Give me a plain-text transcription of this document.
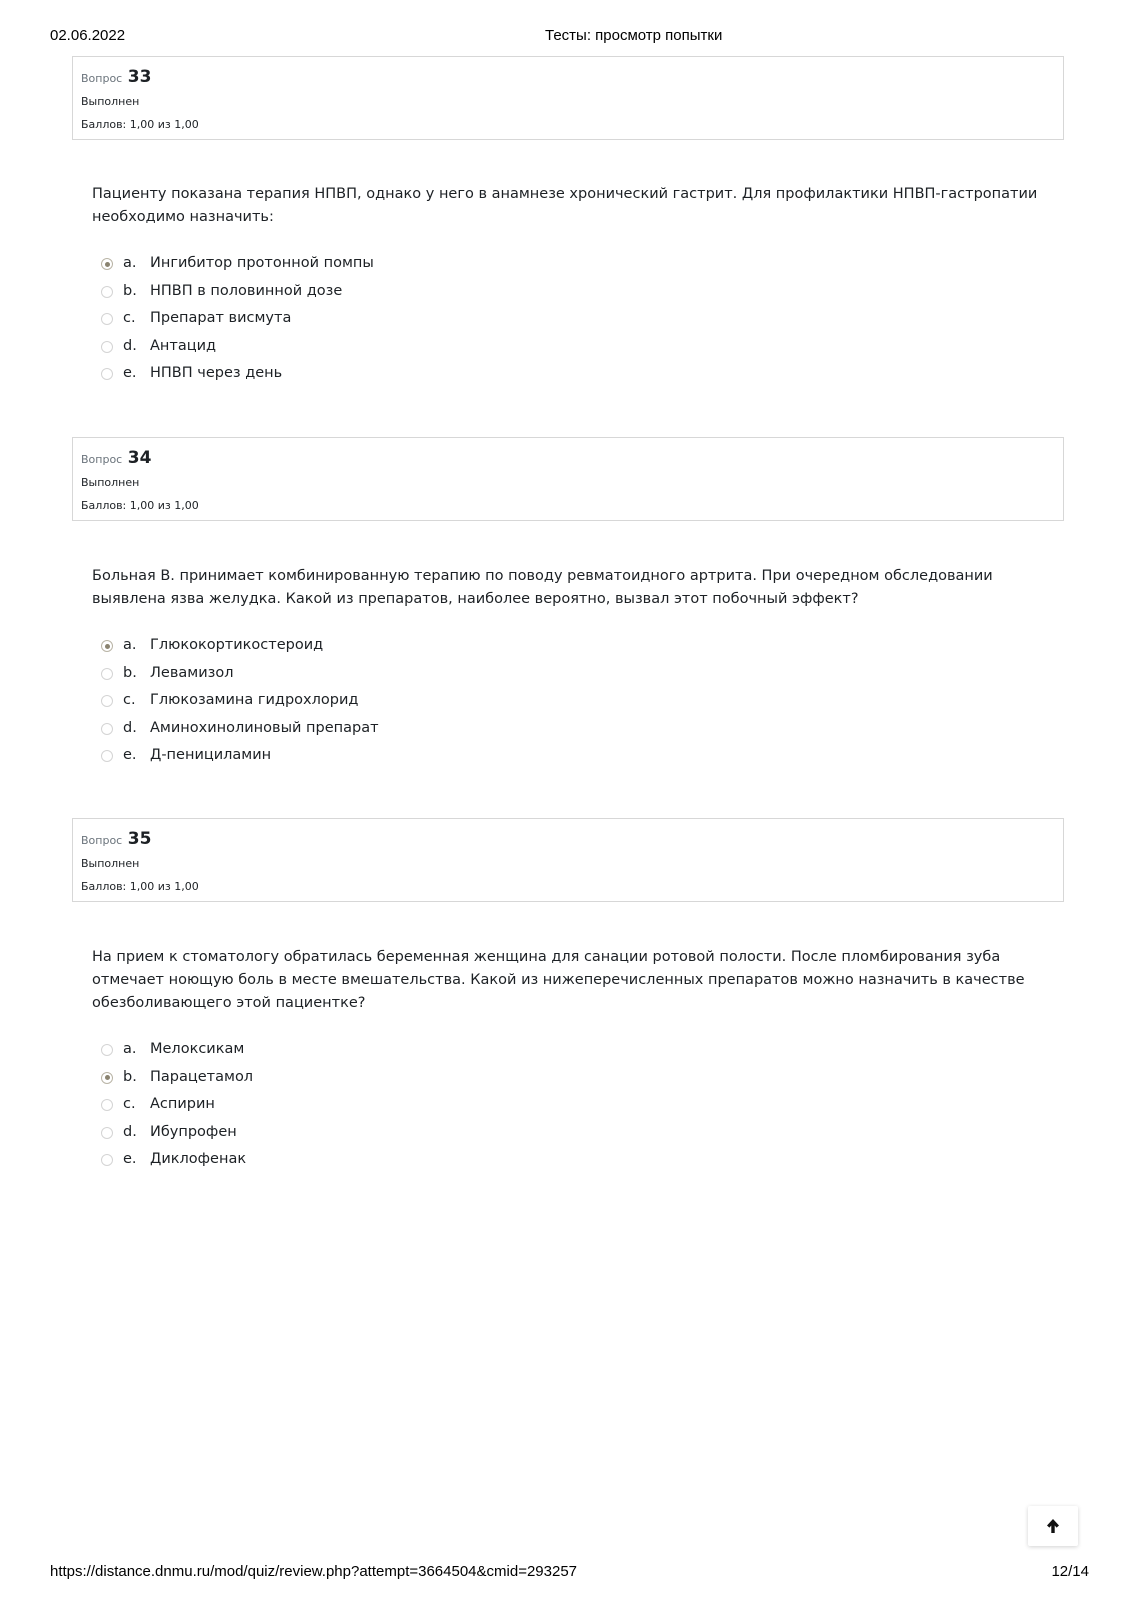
02.06.2022	Тесты: просмотр попытки
Вопрос 33
Выполнен
Баллов: 1,00 из 1,00
Пациенту показана терапия НПВП, однако у него в анамнезе хронический гастрит. Для профилактики НПВП-гастропатии необходимо назначить:
a. Ингибитор протонной помпы
b. НПВП в половинной дозе
c. Препарат висмута
d. Антацид
e. НПВП через день
Вопрос 34
Выполнен
Баллов: 1,00 из 1,00
Больная В. принимает комбинированную терапию по поводу ревматоидного артрита. При очередном обследовании выявлена язва желудка. Какой из препаратов, наиболее вероятно, вызвал этот побочный эффект?
a. Глюкокортикостероид
b. Левамизол
c. Глюкозамина гидрохлорид
d. Аминохинолиновый препарат
e. Д-пенициламин
Вопрос 35
Выполнен
Баллов: 1,00 из 1,00
На прием к стоматологу обратилась беременная женщина для санации ротовой полости. После пломбирования зуба отмечает ноющую боль в месте вмешательства. Какой из нижеперечисленных препаратов можно назначить в качестве обезболивающего этой пациентке?
a. Мелоксикам
b. Парацетамол
c. Аспирин
d. Ибупрофен
e. Диклофенак
https://distance.dnmu.ru/mod/quiz/review.php?attempt=3664504&cmid=293257	12/14
